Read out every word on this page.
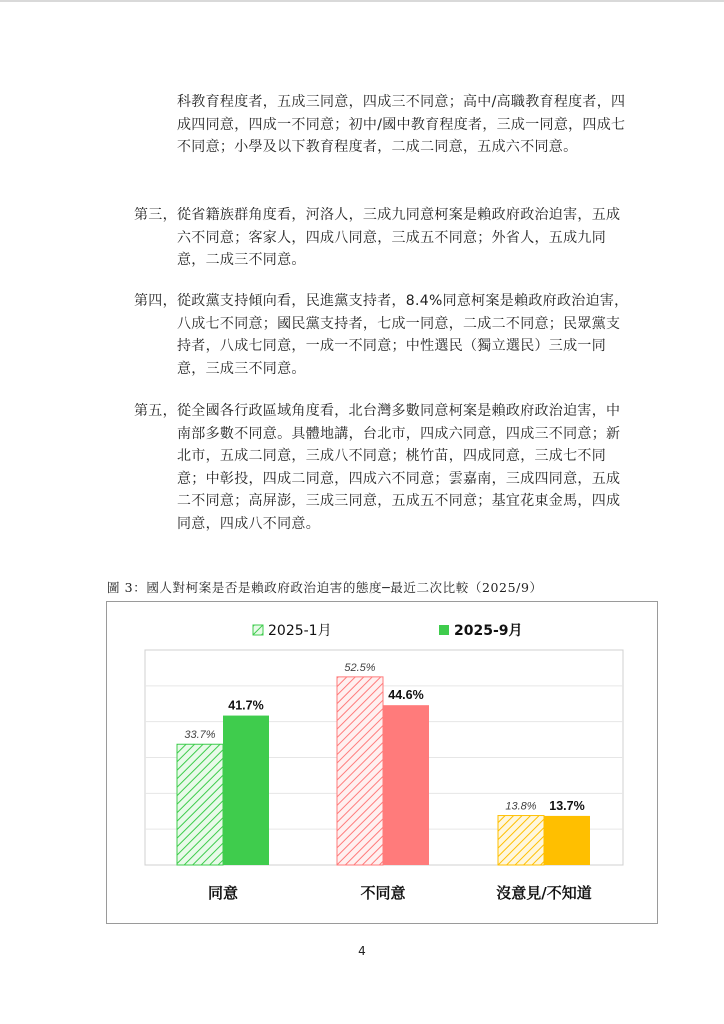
科教育程度者，五成三同意，四成三不同意；高中/高職教育程度者，四成四同意，四成一不同意；初中/國中教育程度者，三成一同意，四成七不同意；小學及以下教育程度者，二成二同意，五成六不同意。
第三， 從省籍族群角度看，河洛人，三成九同意柯案是賴政府政治迫害，五成六不同意；客家人，四成八同意，三成五不同意；外省人，五成九同意，二成三不同意。
第四， 從政黨支持傾向看，民進黨支持者，8.4%同意柯案是賴政府政治迫害，八成七不同意；國民黨支持者，七成一同意，二成二不同意；民眾黨支持者，八成七同意，一成一不同意；中性選民（獨立選民）三成一同意，三成三不同意。
第五， 從全國各行政區域角度看，北台灣多數同意柯案是賴政府政治迫害，中南部多數不同意。具體地講，台北市，四成六同意，四成三不同意；新北市，五成二同意，三成八不同意；桃竹苗，四成同意，三成七不同意；中彰投，四成二同意，四成六不同意；雲嘉南，三成四同意，五成二不同意；高屏澎，三成三同意，五成五不同意；基宜花東金馬，四成同意，四成八不同意。
圖 3：國人對柯案是否是賴政府政治迫害的態度─最近二次比較（2025/9）
33.7%
41.7%
同意
52.5%
44.6%
不同意
13.8% 13.7%
沒意見/不知道
2025-1月	2025-9月
4
